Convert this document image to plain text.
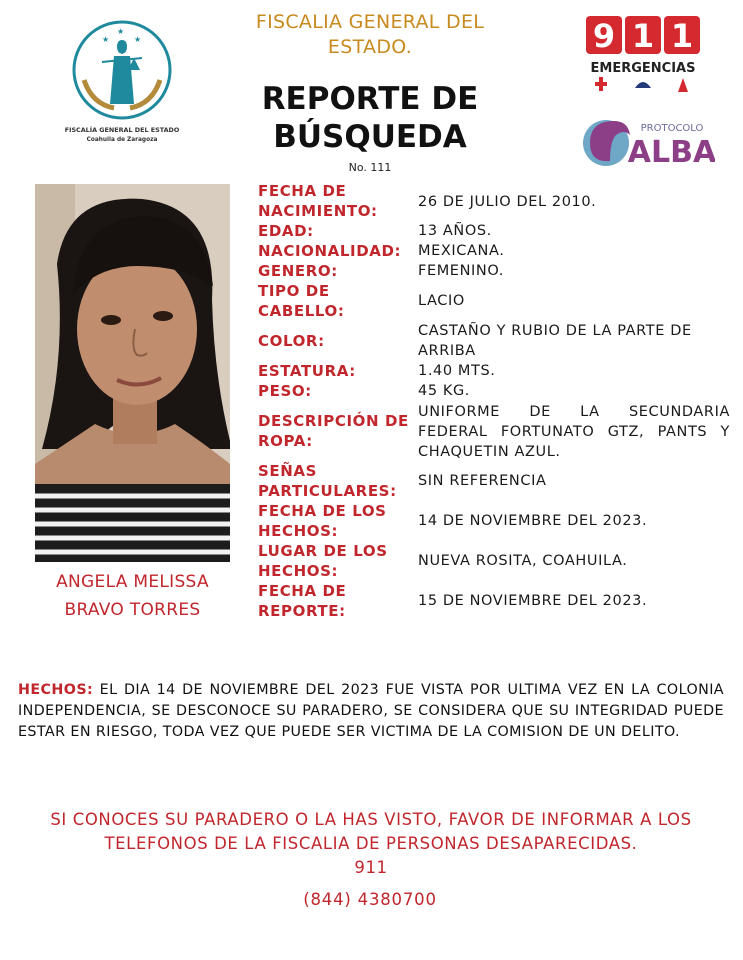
★
★
★
FISCALÍA GENERAL DEL ESTADO
Coahuila de Zaragoza
FISCALIA GENERAL DEL ESTADO.
REPORTE DE
BÚSQUEDA
No. 111
9 1 1
EMERGENCIAS
PROTOCOLO
ALBA
ANGELA MELISSA
BRAVO TORRES
FECHA DE NACIMIENTO:	26 DE JULIO DEL 2010.
EDAD:	13 AÑOS.
NACIONALIDAD:	MEXICANA.
GENERO:	FEMENINO.
TIPO DE CABELLO:
LACIO
COLOR:
CASTAÑO Y RUBIO DE LA PARTE DE ARRIBA
ESTATURA:	1.40 MTS.
PESO:	45 KG.
DESCRIPCIÓN DE ROPA:
UNIFORME DE LA SECUNDARIA FEDERAL FORTUNATO GTZ, PANTS Y CHAQUETIN AZUL.
SEÑAS PARTICULARES:
SIN REFERENCIA
FECHA DE LOS HECHOS:
14 DE NOVIEMBRE DEL 2023.
LUGAR DE LOS HECHOS:
NUEVA ROSITA, COAHUILA.
FECHA DE REPORTE:
15 DE NOVIEMBRE DEL 2023.
HECHOS: EL DIA 14 DE NOVIEMBRE DEL 2023 FUE VISTA POR ULTIMA VEZ EN LA COLONIA INDEPENDENCIA, SE DESCONOCE SU PARADERO, SE CONSIDERA QUE SU INTEGRIDAD PUEDE ESTAR EN RIESGO, TODA VEZ QUE PUEDE SER VICTIMA DE LA COMISION DE UN DELITO.
SI CONOCES SU PARADERO O LA HAS VISTO, FAVOR DE INFORMAR A LOS TELEFONOS DE LA FISCALIA DE PERSONAS DESAPARECIDAS.
911
(844) 4380700
